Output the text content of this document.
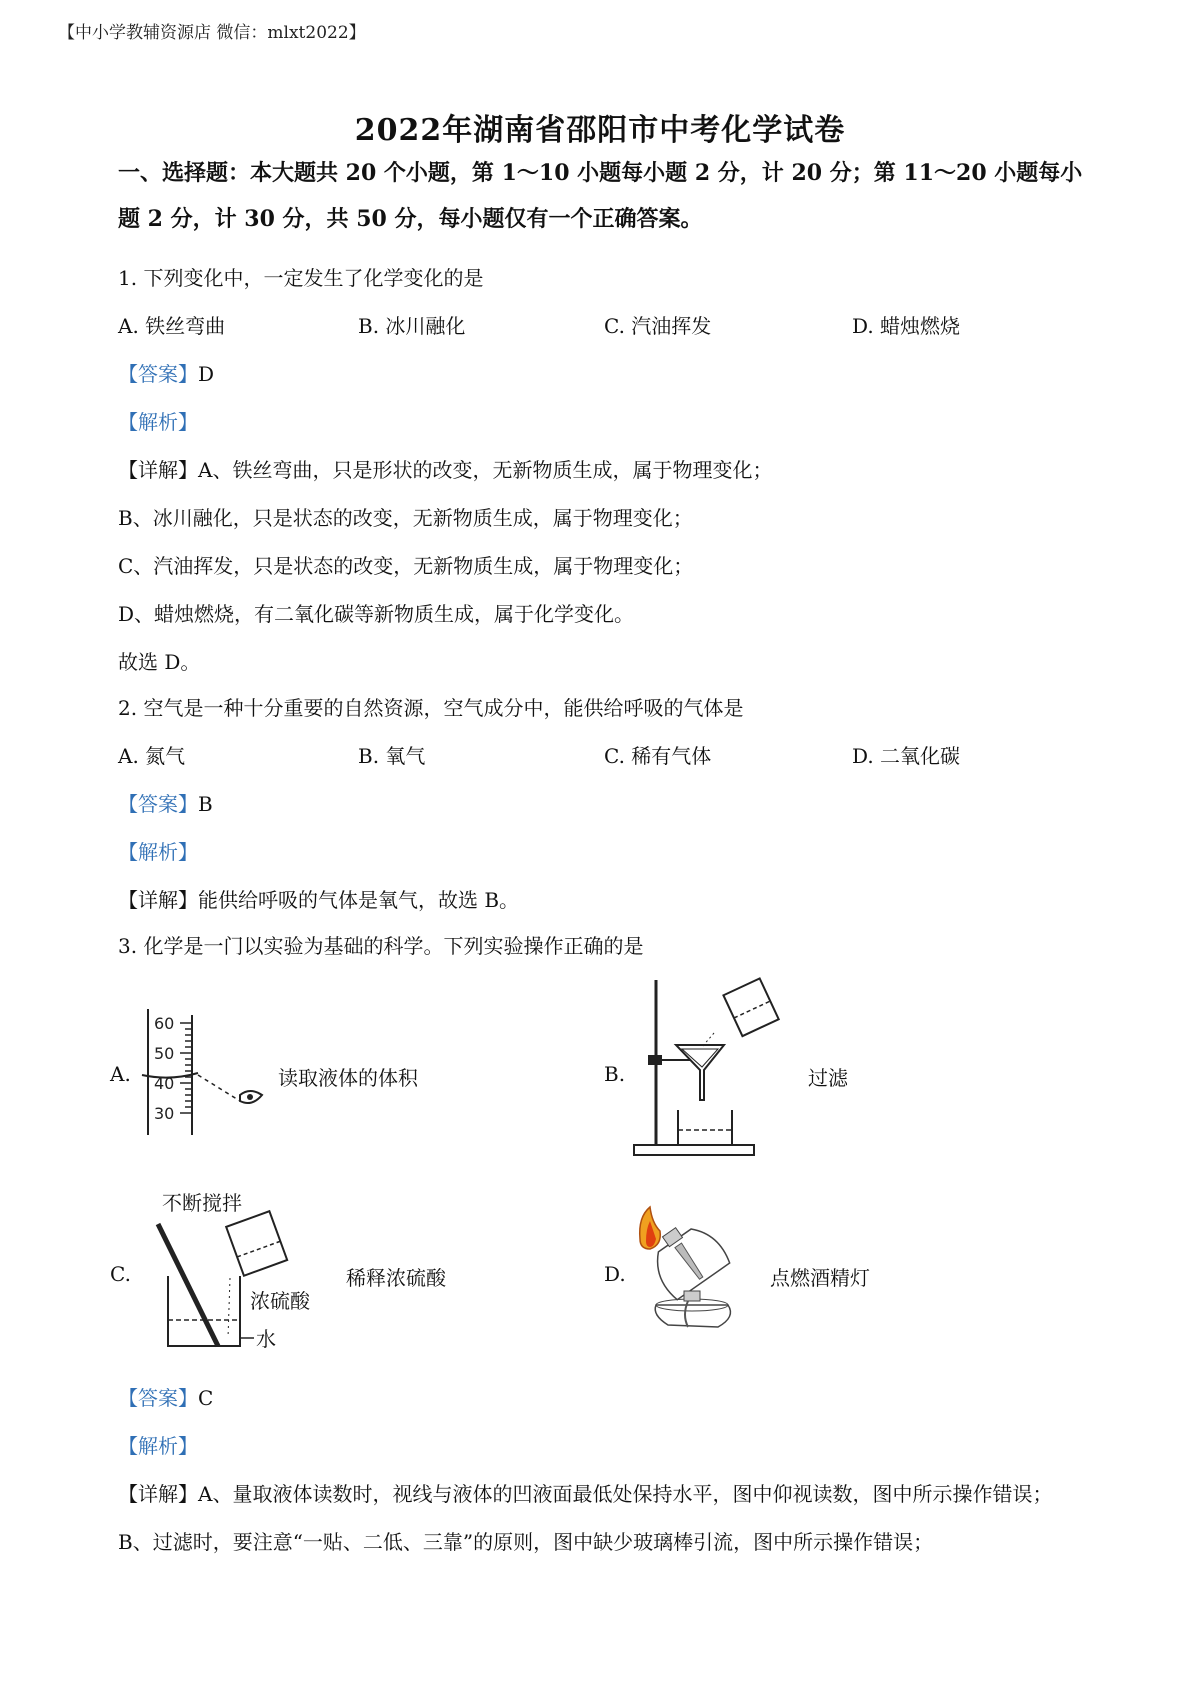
【中小学教辅资源店 微信：mlxt2022】
2022年湖南省邵阳市中考化学试卷
一、选择题：本大题共 20 个小题，第 1～10 小题每小题 2 分，计 20 分；第 11～20 小题每小
题 2 分，计 30 分，共 50 分，每小题仅有一个正确答案。
1. 下列变化中，一定发生了化学变化的是
A. 铁丝弯曲	B. 冰川融化	C. 汽油挥发	D. 蜡烛燃烧
【答案】D
【解析】
【详解】A、铁丝弯曲，只是形状的改变，无新物质生成，属于物理变化；
B、冰川融化，只是状态的改变，无新物质生成，属于物理变化；
C、汽油挥发，只是状态的改变，无新物质生成，属于物理变化；
D、蜡烛燃烧，有二氧化碳等新物质生成，属于化学变化。
故选 D。
2. 空气是一种十分重要的自然资源，空气成分中，能供给呼吸的气体是
A. 氮气	B. 氧气	C. 稀有气体	D. 二氧化碳
【答案】B
【解析】
【详解】能供给呼吸的气体是氧气，故选 B。
3. 化学是一门以实验为基础的科学。下列实验操作正确的是
A.
60
50
40
30
读取液体的体积	B.	过滤
C.
不断搅拌
浓硫酸
水
稀释浓硫酸	D.	点燃酒精灯
【答案】C
【解析】
【详解】A、量取液体读数时，视线与液体的凹液面最低处保持水平，图中仰视读数，图中所示操作错误；
B、过滤时，要注意“一贴、二低、三靠”的原则，图中缺少玻璃棒引流，图中所示操作错误；
